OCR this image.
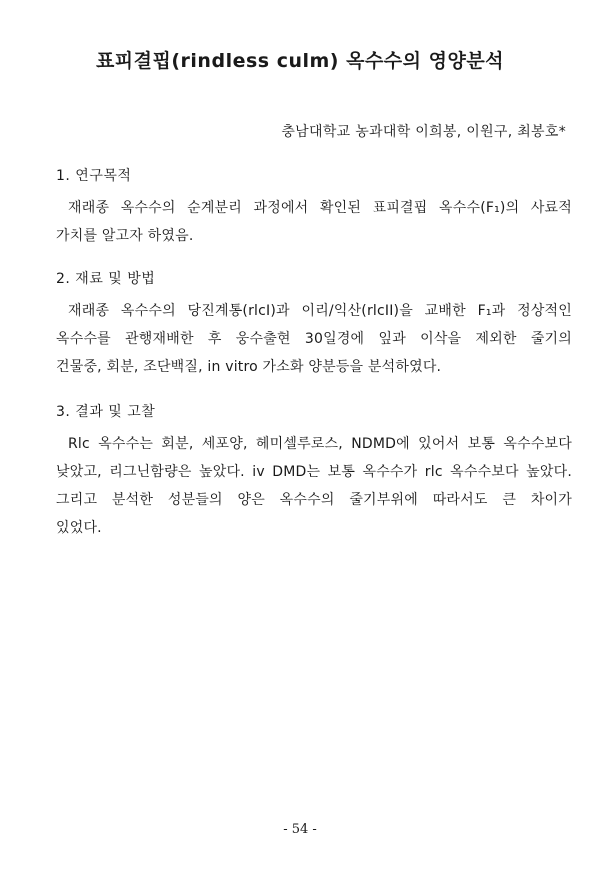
표피결핍(rindless culm) 옥수수의 영양분석
충남대학교 농과대학 이희봉, 이원구, 최봉호*
1. 연구목적
재래종 옥수수의 순계분리 과정에서 확인된 표피결핍 옥수수(F₁)의 사료적
가치를 알고자 하였음.
2. 재료 및 방법
재래종 옥수수의 당진계통(rlcI)과 이리/익산(rlcII)을 교배한 F₁과 정상적인
옥수수를 관행재배한 후 웅수출현 30일경에 잎과 이삭을 제외한 줄기의
건물중, 회분, 조단백질, in vitro 가소화 양분등을 분석하였다.
3. 결과 및 고찰
Rlc 옥수수는 회분, 세포양, 헤미셀루로스, NDMD에 있어서 보통 옥수수보다
낮았고, 리그닌함량은 높았다. iv DMD는 보통 옥수수가 rlc 옥수수보다 높았다.
그리고 분석한 성분들의 양은 옥수수의 줄기부위에 따라서도 큰 차이가
있었다.
- 54 -
